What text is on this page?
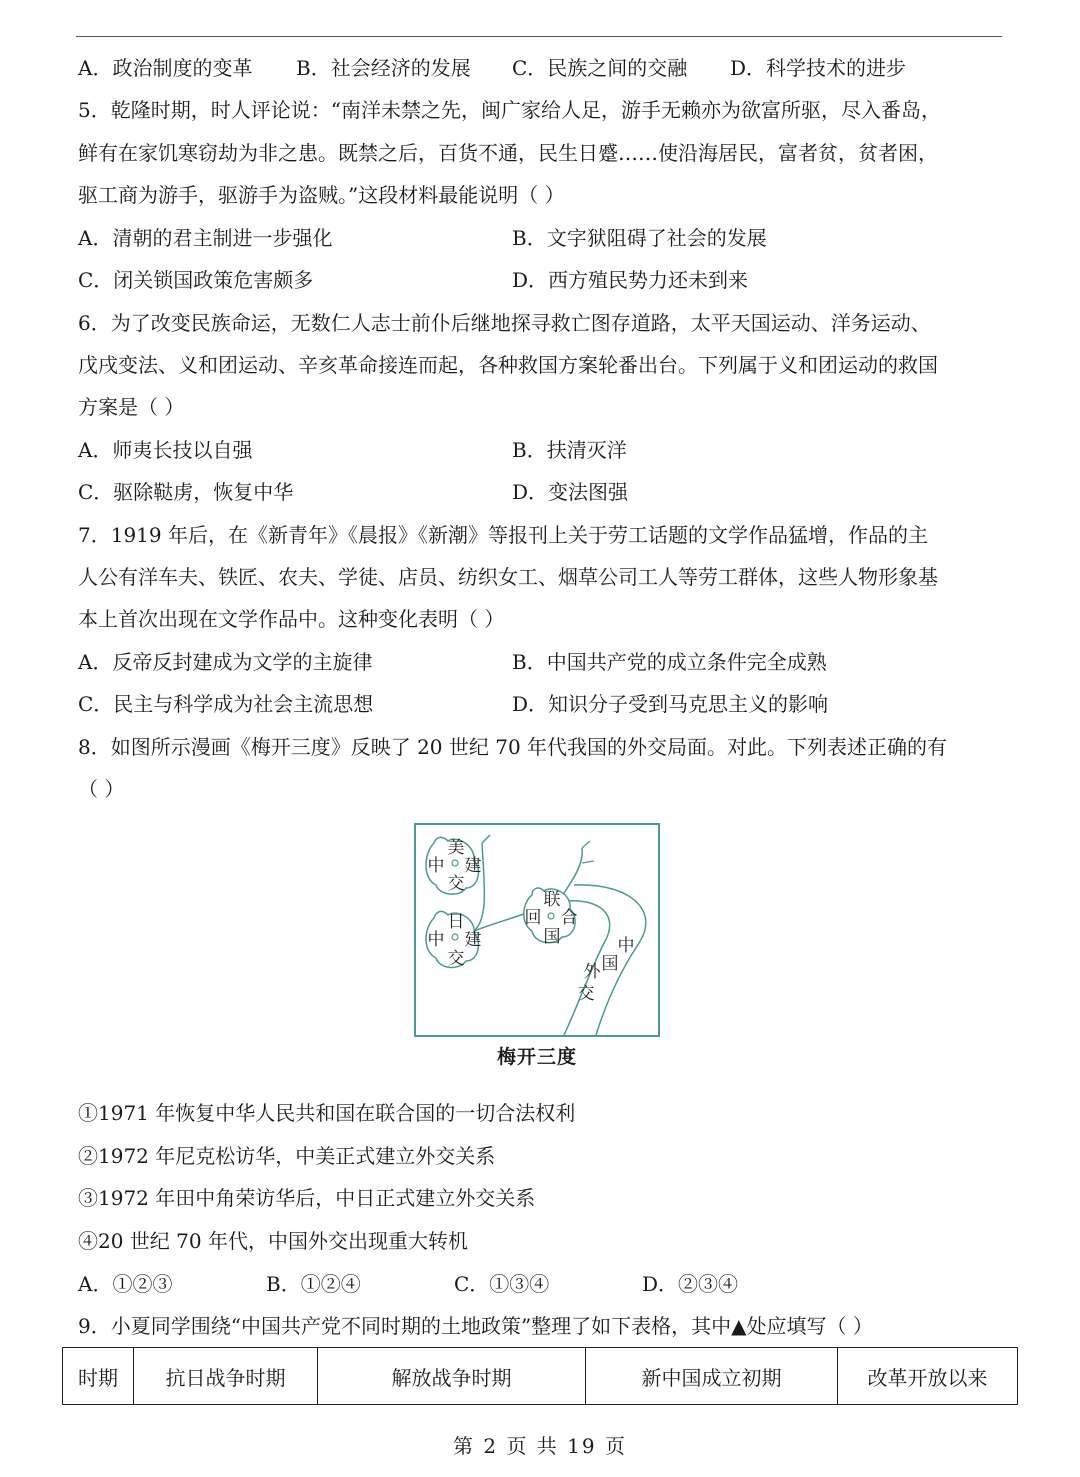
A．政治制度的变革 B．社会经济的发展 C．民族之间的交融 D．科学技术的进步
5．乾隆时期，时人评论说：“南洋未禁之先，闽广家给人足，游手无赖亦为欲富所驱，尽入番岛，
鲜有在家饥寒窃劫为非之患。既禁之后，百货不通，民生日蹙……使沿海居民，富者贫，贫者困，
驱工商为游手，驱游手为盗贼。”这段材料最能说明（ ）
A．清朝的君主制进一步强化	B．文字狱阻碍了社会的发展
C．闭关锁国政策危害颇多	D．西方殖民势力还未到来
6．为了改变民族命运，无数仁人志士前仆后继地探寻救亡图存道路，太平天国运动、洋务运动、
戊戌变法、义和团运动、辛亥革命接连而起，各种救国方案轮番出台。下列属于义和团运动的救国
方案是（ ）
A．师夷长技以自强	B．扶清灭洋
C．驱除鞑虏，恢复中华	D．变法图强
7．1919 年后，在《新青年》《晨报》《新潮》等报刊上关于劳工话题的文学作品猛增，作品的主
人公有洋车夫、铁匠、农夫、学徒、店员、纺织女工、烟草公司工人等劳工群体，这些人物形象基
本上首次出现在文学作品中。这种变化表明（ ）
A．反帝反封建成为文学的主旋律	B．中国共产党的成立条件完全成熟
C．民主与科学成为社会主流思想	D．知识分子受到马克思主义的影响
8．如图所示漫画《梅开三度》反映了 20 世纪 70 年代我国的外交局面。对此。下列表述正确的有
（ ）
美
中 建
交
日
中 建
交
联
回 合
国	中
国
外
交
梅开三度
①1971 年恢复中华人民共和国在联合国的一切合法权利
②1972 年尼克松访华，中美正式建立外交关系
③1972 年田中角荣访华后，中日正式建立外交关系
④20 世纪 70 年代，中国外交出现重大转机
A．①②③	B．①②④	C．①③④	D．②③④
9．小夏同学围绕“中国共产党不同时期的土地政策”整理了如下表格，其中▲处应填写（ ）
时期	抗日战争时期	解放战争时期	新中国成立初期	改革开放以来
第 2 页 共 19 页
